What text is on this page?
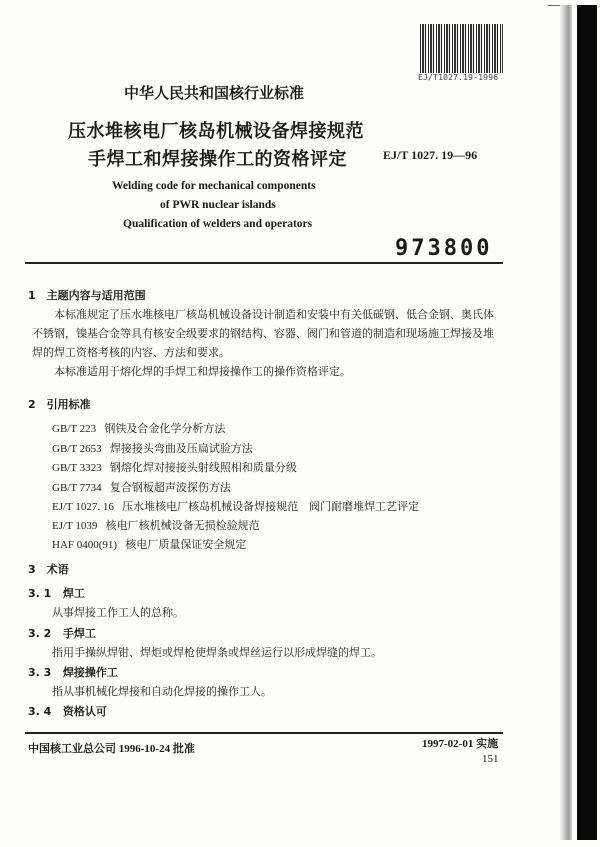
EJ/T1027.19-1996
中华人民共和国核行业标准
压水堆核电厂核岛机械设备焊接规范
手焊工和焊接操作工的资格评定	EJ/T 1027. 19—96
Welding code for mechanical components
of PWR nuclear islands
Qualification of welders and operators
973800
1　主题内容与适用范围
本标准规定了压水堆核电厂核岛机械设备设计制造和安装中有关低碳钢、低合金钢、奥氏体不锈钢，镍基合金等具有核安全级要求的钢结构、容器、阀门和管道的制造和现场施工焊接及堆焊的焊工资格考核的内容、方法和要求。
本标准适用于熔化焊的手焊工和焊接操作工的操作资格评定。
2　引用标准
GB/T 223 钢铁及合金化学分析方法
GB/T 2653 焊接接头弯曲及压扁试验方法
GB/T 3323 钢熔化焊对接接头射线照相和质量分级
GB/T 7734 复合钢板超声波探伤方法
EJ/T 1027. 16 压水堆核电厂核岛机械设备焊接规范　阀门耐磨堆焊工艺评定
EJ/T 1039 核电厂核机械设备无损检验规范
HAF 0400(91) 核电厂质量保证安全规定
3　术语
3. 1 焊工
从事焊接工作工人的总称。
3. 2 手焊工
指用手操纵焊钳、焊炬或焊枪使焊条或焊丝运行以形成焊缝的焊工。
3. 3 焊接操作工
指从事机械化焊接和自动化焊接的操作工人。
3. 4 资格认可
中国核工业总公司 1996-10-24 批准	1997-02-01 实施
151
